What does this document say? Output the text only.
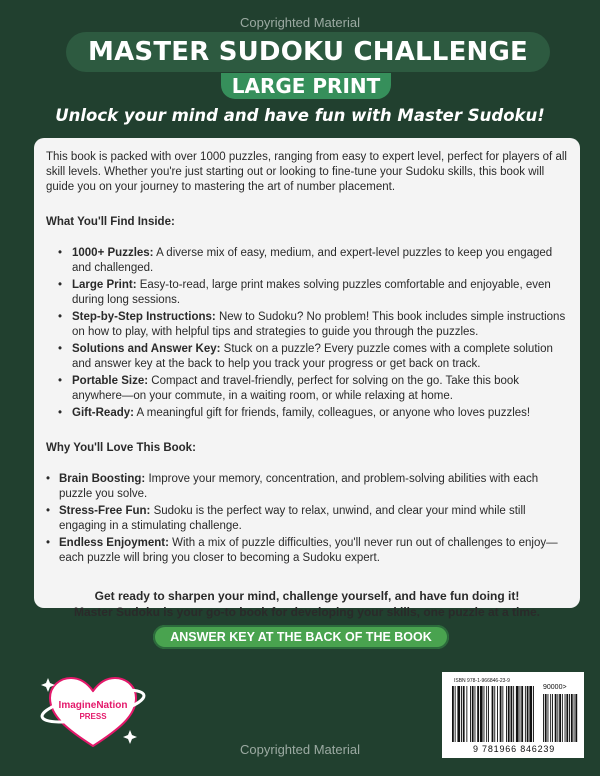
Copyrighted Material
MASTER SUDOKU CHALLENGE
LARGE PRINT
Unlock your mind and have fun with Master Sudoku!

This book is packed with over 1000 puzzles, ranging from easy to expert level, perfect for players of all skill levels. Whether you're just starting out or looking to fine-tune your Sudoku skills, this book will guide you on your journey to mastering the art of number placement.

What You'll Find Inside:
• 1000+ Puzzles: A diverse mix of easy, medium, and expert-level puzzles to keep you engaged and challenged.
• Large Print: Easy-to-read, large print makes solving puzzles comfortable and enjoyable, even during long sessions.
• Step-by-Step Instructions: New to Sudoku? No problem! This book includes simple instructions on how to play, with helpful tips and strategies to guide you through the puzzles.
• Solutions and Answer Key: Stuck on a puzzle? Every puzzle comes with a complete solution and answer key at the back to help you track your progress or get back on track.
• Portable Size: Compact and travel-friendly, perfect for solving on the go. Take this book anywhere—on your commute, in a waiting room, or while relaxing at home.
• Gift-Ready: A meaningful gift for friends, family, colleagues, or anyone who loves puzzles!
Why You'll Love This Book:
• Brain Boosting: Improve your memory, concentration, and problem-solving abilities with each puzzle you solve.
• Stress-Free Fun: Sudoku is the perfect way to relax, unwind, and clear your mind while still engaging in a stimulating challenge.
• Endless Enjoyment: With a mix of puzzle difficulties, you'll never run out of challenges to enjoy—each puzzle will bring you closer to becoming a Sudoku expert.
Get ready to sharpen your mind, challenge yourself, and have fun doing it!
Master Sudoku is your go-to book for developing your skills, one puzzle at a time.
ANSWER KEY AT THE BACK OF THE BOOK
ImagineNation
PRESS
ISBN 978-1-966846-23-9
90000>
9 781966 846239
Copyrighted Material
